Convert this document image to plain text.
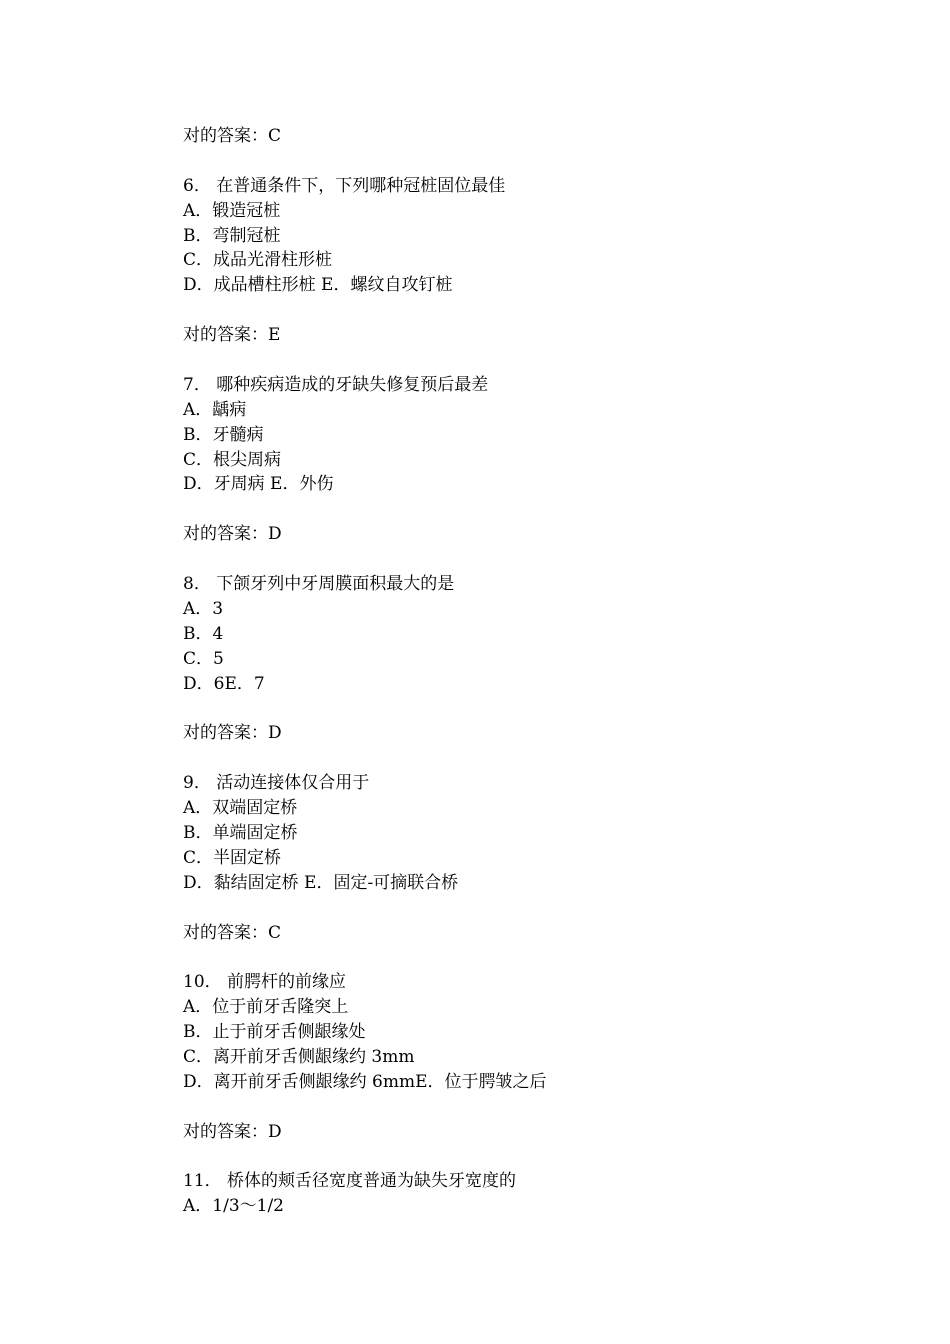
对的答案：C
6． 在普通条件下，下列哪种冠桩固位最佳
A．锻造冠桩
B．弯制冠桩
C．成品光滑柱形桩
D．成品槽柱形桩 E．螺纹自攻钉桩
对的答案：E
7． 哪种疾病造成的牙缺失修复预后最差
A．龋病
B．牙髓病
C．根尖周病
D．牙周病 E．外伤
对的答案：D
8． 下颌牙列中牙周膜面积最大的是
A．3
B．4
C．5
D．6E．7
对的答案：D
9． 活动连接体仅合用于
A．双端固定桥
B．单端固定桥
C．半固定桥
D．黏结固定桥 E．固定-可摘联合桥
对的答案：C
10． 前腭杆的前缘应
A．位于前牙舌隆突上
B．止于前牙舌侧龈缘处
C．离开前牙舌侧龈缘约 3mm
D．离开前牙舌侧龈缘约 6mmE．位于腭皱之后
对的答案：D
11． 桥体的颊舌径宽度普通为缺失牙宽度的
A．1/3～1/2
